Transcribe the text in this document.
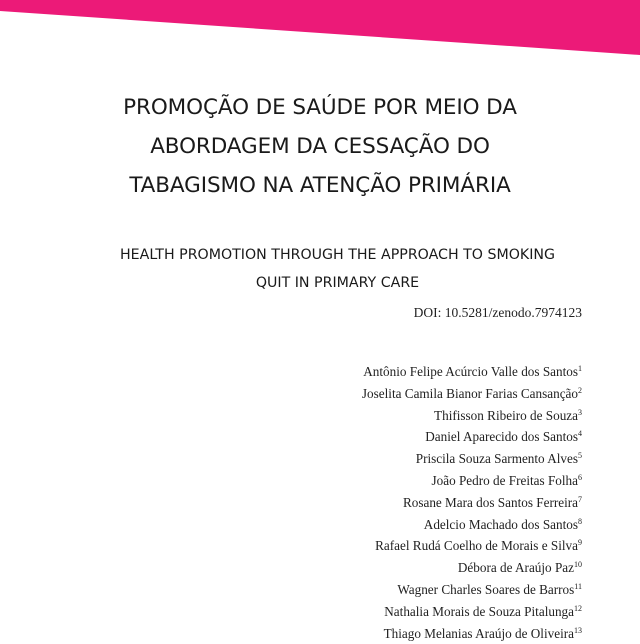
PROMOÇÃO DE SAÚDE POR MEIO DA
ABORDAGEM DA CESSAÇÃO DO
TABAGISMO NA ATENÇÃO PRIMÁRIA
HEALTH PROMOTION THROUGH THE APPROACH TO SMOKING
QUIT IN PRIMARY CARE
DOI: 10.5281/zenodo.7974123
Antônio Felipe Acúrcio Valle dos Santos$^1$
Joselita Camila Bianor Farias Cansanção$^2$
Thifisson Ribeiro de Souza$^3$
Daniel Aparecido dos Santos$^4$
Priscila Souza Sarmento Alves$^5$
João Pedro de Freitas Folha$^6$
Rosane Mara dos Santos Ferreira$^7$
Adelcio Machado dos Santos$^8$
Rafael Rudá Coelho de Morais e Silva$^9$
Débora de Araújo Paz$^{10}$
Wagner Charles Soares de Barros$^{11}$
Nathalia Morais de Souza Pitalunga$^{12}$
Thiago Melanias Araújo de Oliveira$^{13}$
